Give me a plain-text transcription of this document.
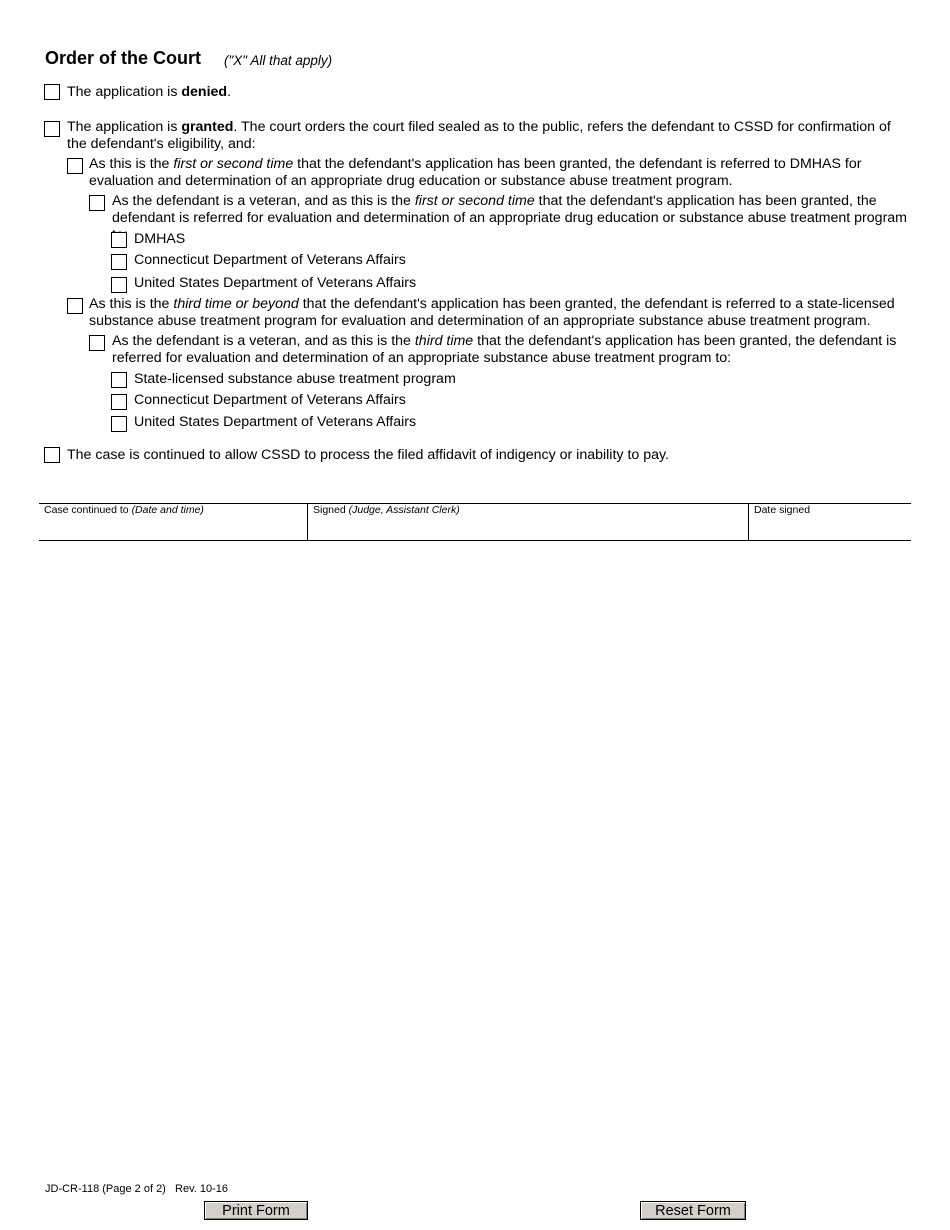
Order of the Court ("X" All that apply)
The application is denied.
The application is granted. The court orders the court filed sealed as to the public, refers the defendant to CSSD for confirmation of the defendant's eligibility, and:
As this is the first or second time that the defendant's application has been granted, the defendant is referred to DMHAS for evaluation and determination of an appropriate drug education or substance abuse treatment program.
As the defendant is a veteran, and as this is the first or second time that the defendant's application has been granted, the defendant is referred for evaluation and determination of an appropriate drug education or substance abuse treatment program
DMHAS
Connecticut Department of Veterans Affairs
United States Department of Veterans Affairs
As this is the third time or beyond that the defendant's application has been granted, the defendant is referred to a state-licensed substance abuse treatment program for evaluation and determination of an appropriate substance abuse treatment program.
As the defendant is a veteran, and as this is the third time that the defendant's application has been granted, the defendant is referred for evaluation and determination of an appropriate substance abuse treatment program to:
State-licensed substance abuse treatment program
Connecticut Department of Veterans Affairs
United States Department of Veterans Affairs
The case is continued to allow CSSD to process the filed affidavit of indigency or inability to pay.
Case continued to (Date and time)	Signed (Judge, Assistant Clerk)	Date signed
JD-CR-118 (Page 2 of 2)   Rev. 10-16
Print Form	Reset Form
